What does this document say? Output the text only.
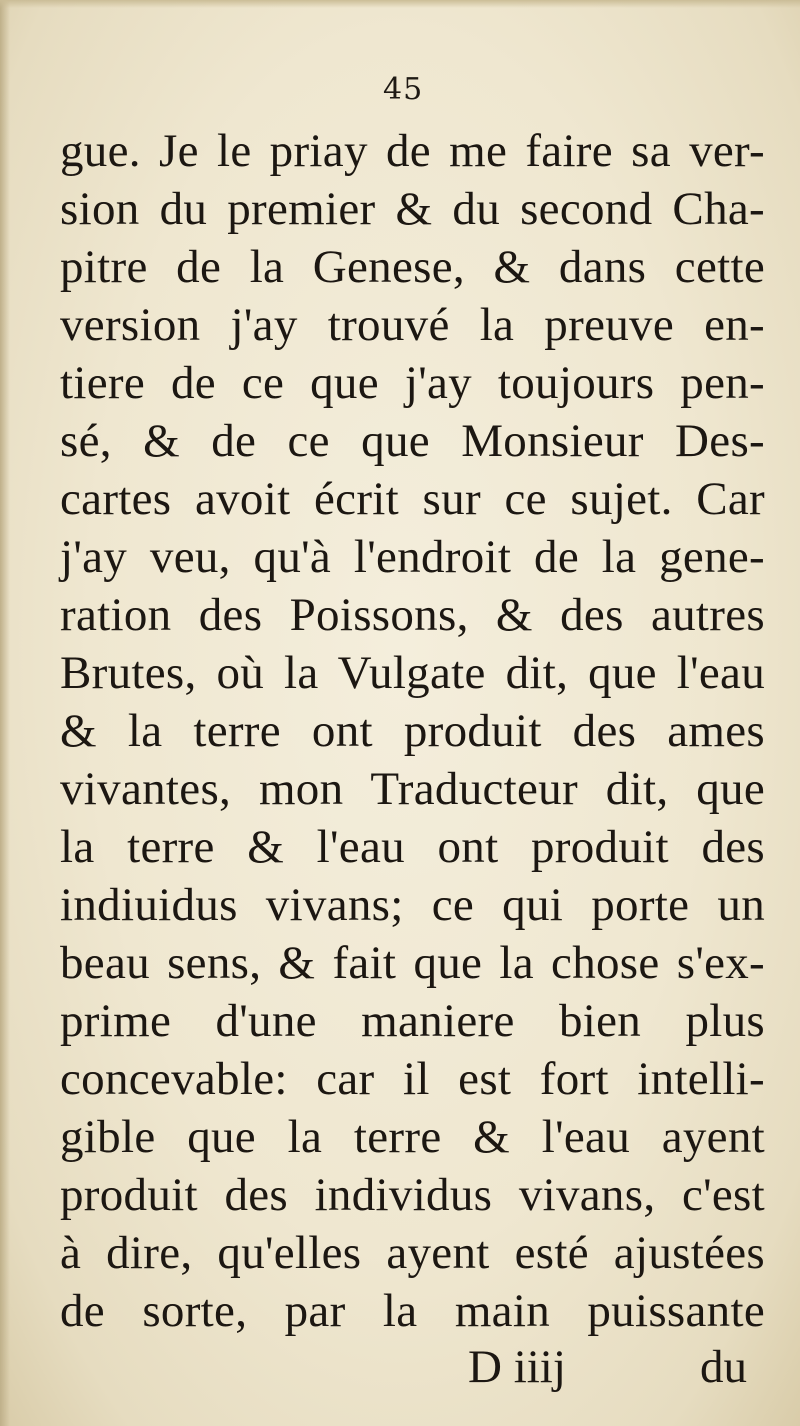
45
gue. Je le priay de me faire sa ver-
sion du premier & du second Cha-
pitre de la Genese, & dans cette
version j'ay trouvé la preuve en-
tiere de ce que j'ay toujours pen-
sé, & de ce que Monsieur Des-
cartes avoit écrit sur ce sujet. Car
j'ay veu, qu'à l'endroit de la gene-
ration des Poissons, & des autres
Brutes, où la Vulgate dit, que l'eau
& la terre ont produit des ames
vivantes, mon Traducteur dit, que
la terre & l'eau ont produit des
indiuidus vivans; ce qui porte un
beau sens, & fait que la chose s'ex-
prime d'une maniere bien plus
concevable: car il est fort intelli-
gible que la terre & l'eau ayent
produit des individus vivans, c'est
à dire, qu'elles ayent esté ajustées
de sorte, par la main puissante
D iiij	du
